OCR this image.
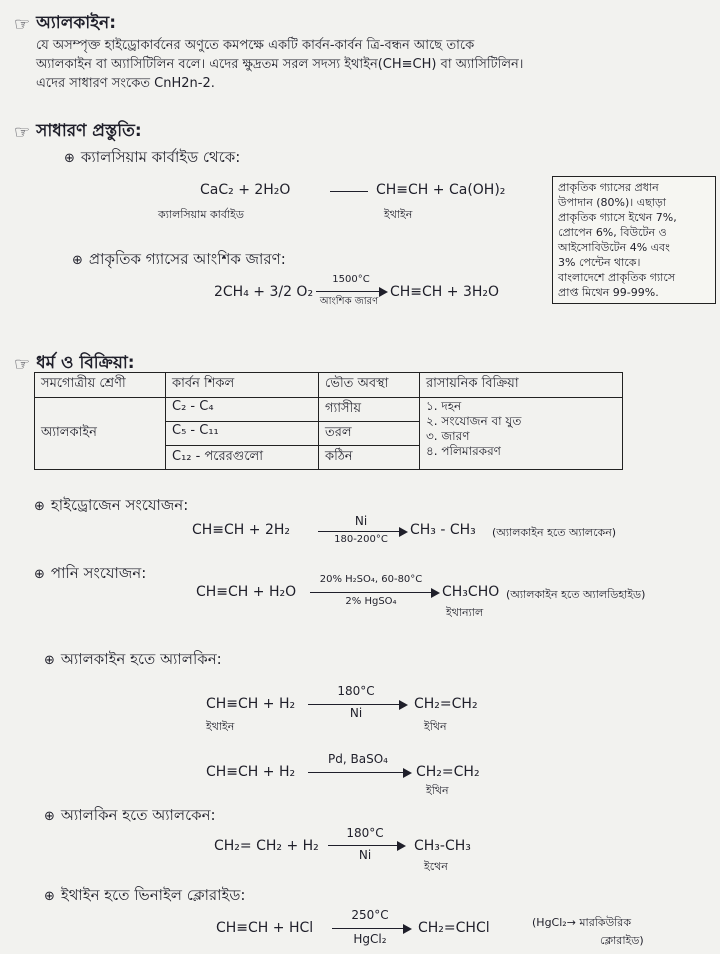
☞ অ্যালকাইন:
যে অসম্পৃক্ত হাইড্রোকার্বনের অণুতে কমপক্ষে একটি কার্বন-কার্বন ত্রি-বন্ধন আছে তাকে
অ্যালকাইন বা অ্যাসিটিলিন বলে। এদের ক্ষুদ্রতম সরল সদস্য ইথাইন(CH≡CH) বা অ্যাসিটিলিন।
এদের সাধারণ সংকেত CnH2n-2.
☞ সাধারণ প্রস্তুতি:
⊕ ক্যালসিয়াম কার্বাইড থেকে:
CaC₂ + 2H₂O	CH≡CH + Ca(OH)₂
ক্যালসিয়াম কার্বাইড	ইথাইন
⊕ প্রাকৃতিক গ্যাসের আংশিক জারণ:
2CH₄ + 3/2 O₂
1500°C
আংশিক জারণ
CH≡CH + 3H₂O
প্রাকৃতিক গ্যাসের প্রধান
উপাদান (80%)। এছাড়া
প্রাকৃতিক গ্যাসে ইথেন 7%,
প্রোপেন 6%, বিউটেন ও
আইসোবিউটেন 4% এবং
3% পেন্টেন থাকে।
বাংলাদেশে প্রাকৃতিক গ্যাসে
প্রাপ্ত মিথেন 99-99%.
☞ ধর্ম ও বিক্রিয়া:
সমগোত্রীয় শ্রেণী	কার্বন শিকল	ভৌত অবস্থা	রাসায়নিক বিক্রিয়া
অ্যালকাইন	C₂ - C₄	গ্যাসীয়	১. দহন
২. সংযোজন বা যুত
৩. জারণ
৪. পলিমারকরণ

	C₅ - C₁₁	তরল	
	C₁₂ - পরেরগুলো	কঠিন	
⊕ হাইড্রোজেন সংযোজন:
CH≡CH + 2H₂
Ni
180-200°C
CH₃ - CH₃ (অ্যালকাইন হতে অ্যালকেন)
⊕ পানি সংযোজন:
CH≡CH + H₂O
20% H₂SO₄, 60-80°C
2% HgSO₄
CH₃CHO
ইথান্যাল
(অ্যালকাইন হতে অ্যালডিহাইড)
⊕ অ্যালকাইন হতে অ্যালকিন:
CH≡CH + H₂
ইথাইন
180°C
Ni
CH₂=CH₂
ইথিন
CH≡CH + H₂
Pd, BaSO₄
CH₂=CH₂
ইথিন
⊕ অ্যালকিন হতে অ্যালকেন:
CH₂= CH₂ + H₂
180°C
Ni
CH₃-CH₃
ইথেন
⊕ ইথাইন হতে ভিনাইল ক্লোরাইড:
CH≡CH + HCl
250°C
HgCl₂
CH₂=CHCl	(HgCl₂→ মারকিউরিক
ক্লোরাইড)
